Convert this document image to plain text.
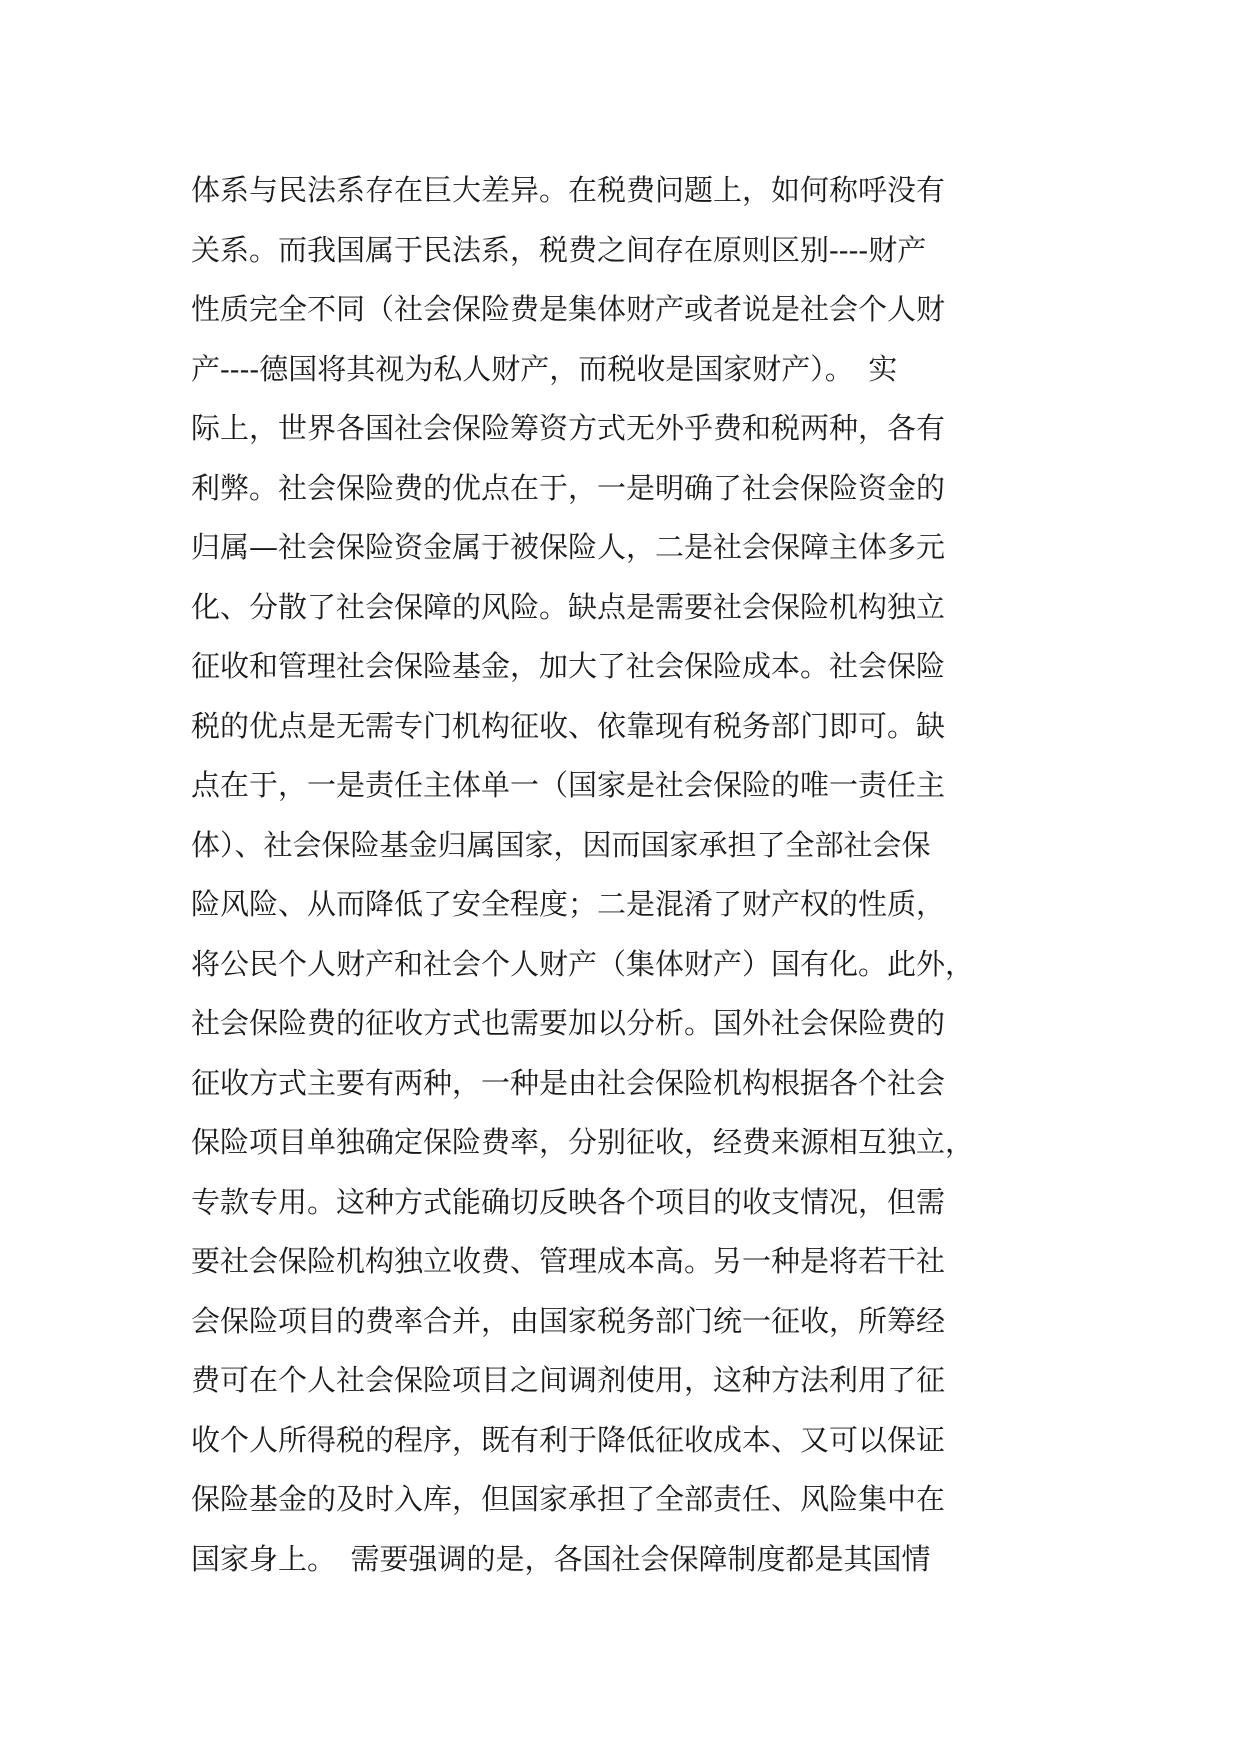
体系与民法系存在巨大差异。在税费问题上，如何称呼没有
关系。而我国属于民法系，税费之间存在原则区别----财产
性质完全不同（社会保险费是集体财产或者说是社会个人财
产----德国将其视为私人财产，而税收是国家财产）。　实
际上，世界各国社会保险筹资方式无外乎费和税两种，各有
利弊。社会保险费的优点在于，一是明确了社会保险资金的
归属—社会保险资金属于被保险人，二是社会保障主体多元
化、分散了社会保障的风险。缺点是需要社会保险机构独立
征收和管理社会保险基金，加大了社会保险成本。社会保险
税的优点是无需专门机构征收、依靠现有税务部门即可。缺
点在于，一是责任主体单一（国家是社会保险的唯一责任主
体）、社会保险基金归属国家，因而国家承担了全部社会保
险风险、从而降低了安全程度；二是混淆了财产权的性质，
将公民个人财产和社会个人财产（集体财产）国有化。此外，
社会保险费的征收方式也需要加以分析。国外社会保险费的
征收方式主要有两种，一种是由社会保险机构根据各个社会
保险项目单独确定保险费率，分别征收，经费来源相互独立，
专款专用。这种方式能确切反映各个项目的收支情况，但需
要社会保险机构独立收费、管理成本高。另一种是将若干社
会保险项目的费率合并，由国家税务部门统一征收，所筹经
费可在个人社会保险项目之间调剂使用，这种方法利用了征
收个人所得税的程序，既有利于降低征收成本、又可以保证
保险基金的及时入库，但国家承担了全部责任、风险集中在
国家身上。　需要强调的是，各国社会保障制度都是其国情
